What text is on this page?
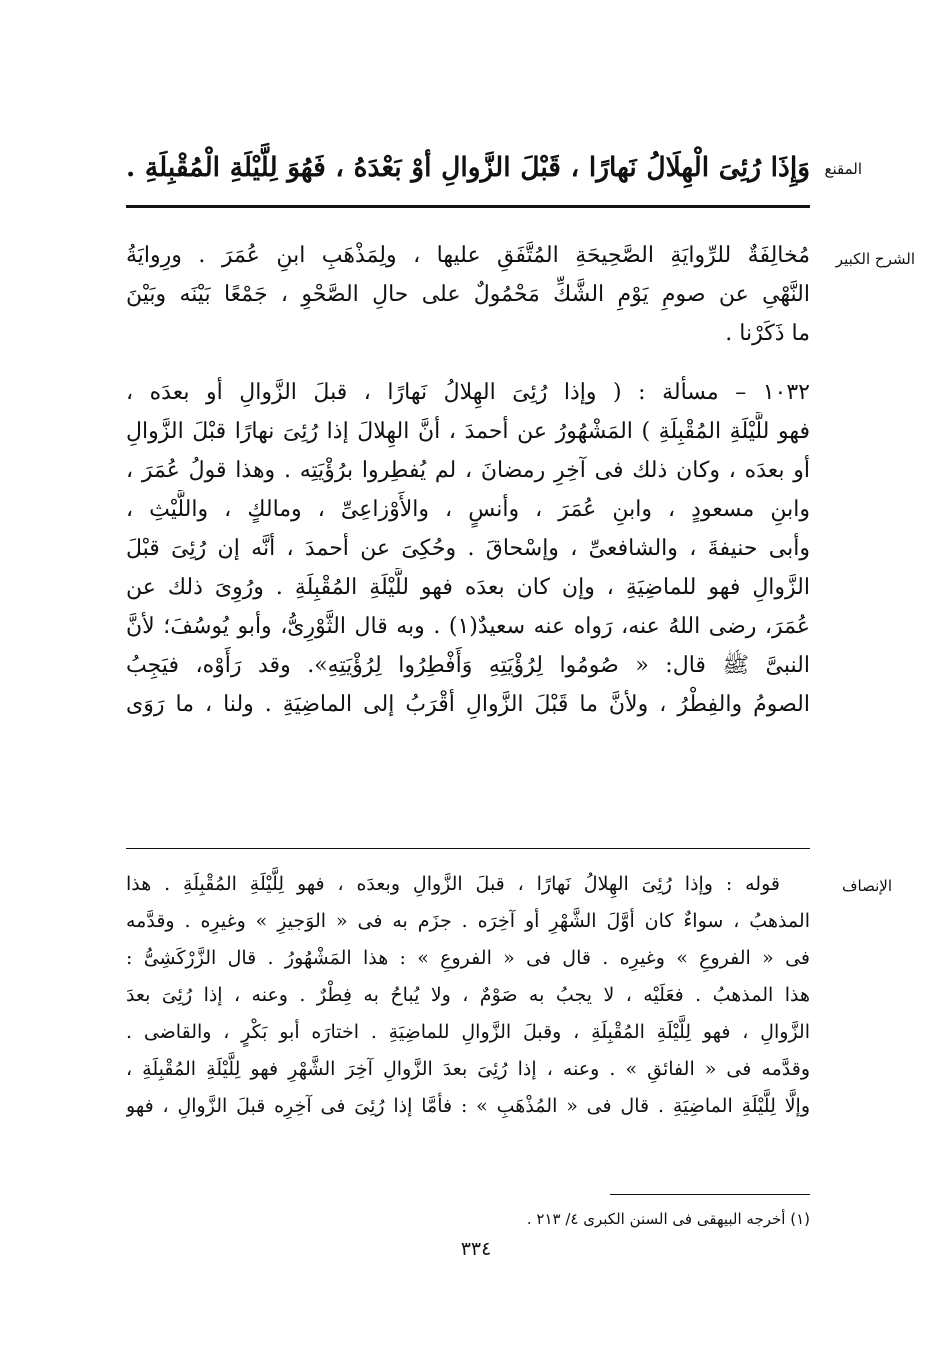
المقنع
وَإِذَا رُئِىَ الْهِلَالُ نَهارًا ، قَبْلَ الزَّوالِ أوْ بَعْدَهُ ، فَهُوَ لِلَّيْلَةِ الْمُقْبِلَةِ .
الشرح الكبير
مُخالِفَةٌ للرِّوايَةِ الصَّحِيحَةِ المُتَّفَقِ عليها ، ولِمَذْهَبِ ابنِ عُمَرَ . ورِوايَةُ
النَّهْىِ عن صومِ يَوْمِ الشَّكِّ مَحْمُولٌ على حالِ الصَّحْوِ ، جَمْعًا بَيْنَه وبَيْنَ
ما ذَكَرْنا .
١٠٣٢ – مسألة : ( وإذا رُئِىَ الهِلالُ نَهارًا ، قبلَ الزَّوالِ أو بعدَه ،
فهو للَّيْلَةِ المُقْبِلَةِ ) المَشْهُورُ عن أحمدَ ، أنَّ الهِلالَ إذا رُئِىَ نهارًا قبْلَ الزَّوالِ
أو بعدَه ، وكان ذلك فى آخِرِ رمضانَ ، لم يُفطِروا برُؤْيَتِه . وهذا قولُ عُمَرَ ،
وابنِ مسعودٍ ، وابنِ عُمَرَ ، وأنسٍ ، والأَوْزاعِىِّ ، ومالكٍ ، واللَّيْثِ ،
وأبى حنيفةَ ، والشافعىِّ ، وإسْحاقَ . وحُكِىَ عن أحمدَ ، أنَّه إن رُئِىَ قبْلَ
الزَّوالِ فهو للماضِيَةِ ، وإن كان بعدَه فهو للَّيْلَةِ المُقْبِلَةِ . ورُوِىَ ذلك عن
عُمَرَ، رضى اللهُ عنه، رَواه عنه سعيدٌ(١) . وبه قال الثَّوْرِىُّ، وأبو يُوسُفَ؛ لأنَّ
النبىَّ ﷺ قال: « صُومُوا لِرُؤْيَتِهِ وَأَفْطِرُوا لِرُؤْيَتِهِ». وقد رَأَوْه، فيَجِبُ
الصومُ والفِطْرُ ، ولأنَّ ما قَبْلَ الزَّوالِ أقْرَبُ إلى الماضِيَةِ . ولنا ، ما رَوَى
الإنصاف
قوله : وإذا رُئِىَ الهِلالُ نَهارًا ، قبلَ الزَّوالِ وبعدَه ، فهو لِلَّيْلَةِ المُقْبِلَةِ . هذا
المذهبُ ، سواءٌ كان أوَّلَ الشَّهْرِ أو آخِرَه . جزَم به فى « الوَجيزِ » وغيرِه . وقدَّمه
فى « الفروعِ » وغيرِه . قال فى « الفروعِ » : هذا المَشْهُورُ . قال الزَّرْكَشِىُّ :
هذا المذهبُ . فعَلَيْه ، لا يجبُ به صَوْمٌ ، ولا يُباحُ به فِطْرٌ . وعنه ، إذا رُئِىَ بعدَ
الزَّوالِ ، فهو لِلَّيْلَةِ المُقْبِلَةِ ، وقبلَ الزَّوالِ للماضِيَةِ . اختارَه أبو بَكْرٍ ، والقاضى .
وقدَّمه فى « الفائقِ » . وعنه ، إذا رُئِىَ بعدَ الزَّوالِ آخِرَ الشَّهْرِ فهو لِلَّيْلَةِ المُقْبِلَةِ ،
وإلَّا لِلَّيْلَةِ الماضِيَةِ . قال فى « المُذْهَبِ » : فأمَّا إذا رُئِىَ فى آخِرِه قبلَ الزَّوالِ ، فهو
(١) أخرجه البيهقى فى السنن الكبرى ٤/ ٢١٣ .
٣٣٤
